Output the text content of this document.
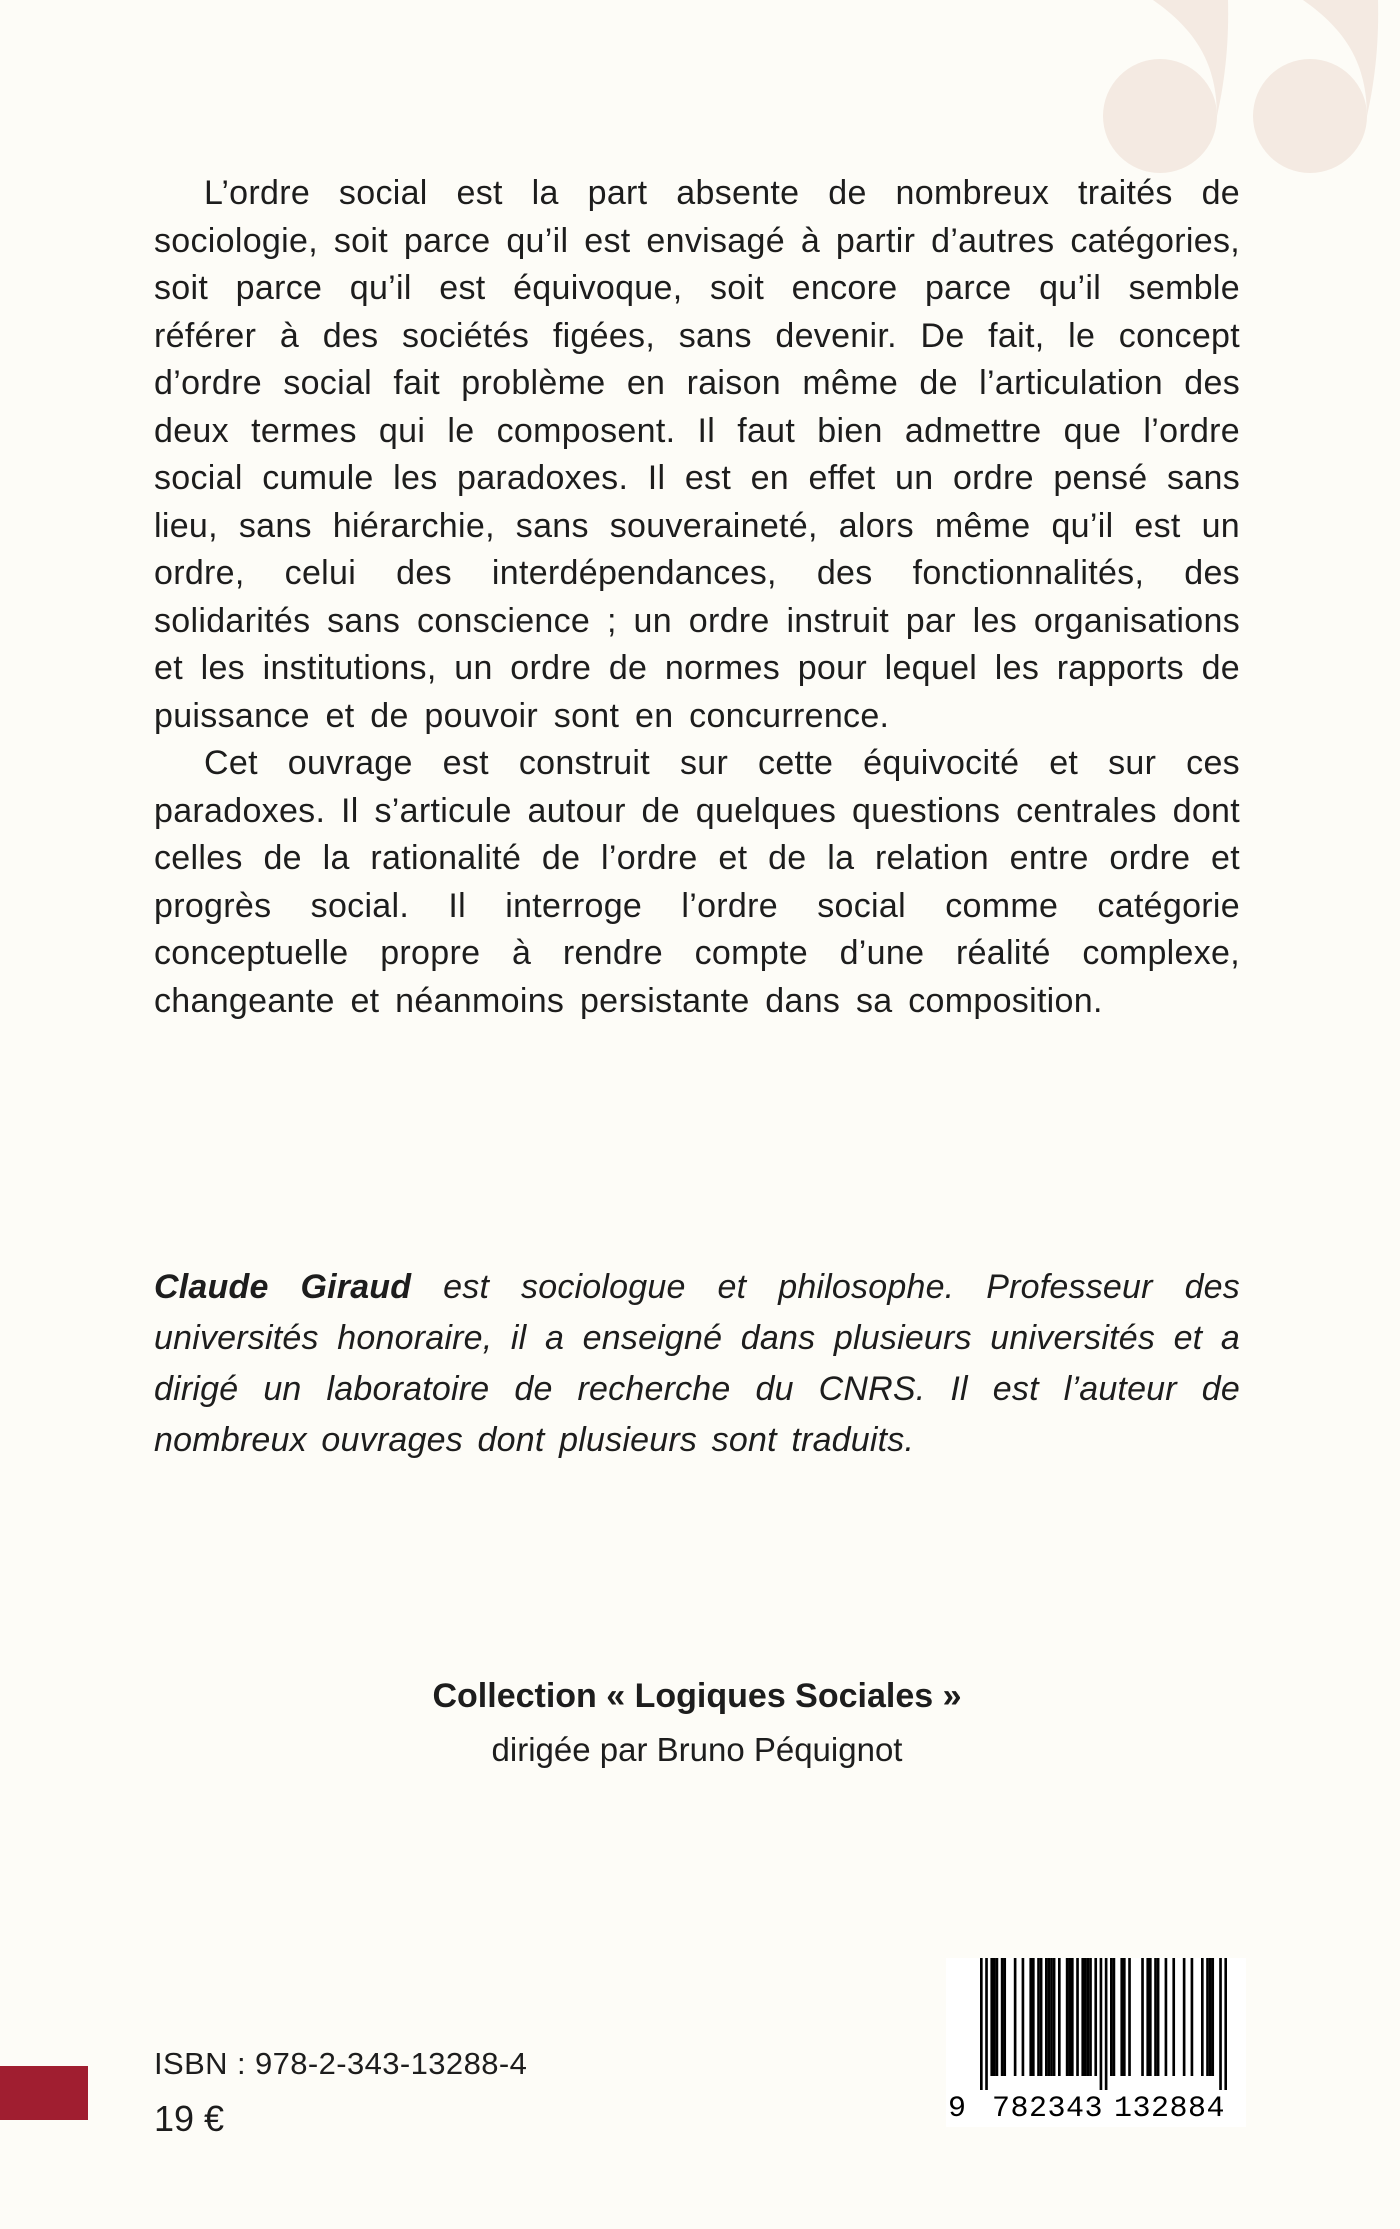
L’ordre social est la part absente de nombreux traités de sociologie, soit parce qu’il est envisagé à partir d’autres catégories, soit parce qu’il est équivoque, soit encore parce qu’il semble référer à des sociétés figées, sans devenir. De fait, le concept d’ordre social fait problème en raison même de l’articulation des deux termes qui le composent. Il faut bien admettre que l’ordre social cumule les paradoxes. Il est en effet un ordre pensé sans lieu, sans hiérarchie, sans souveraineté, alors même qu’il est un ordre, celui des interdépendances, des fonctionnalités, des solidarités sans conscience ; un ordre instruit par les organisations et les institutions, un ordre de normes pour lequel les rapports de puissance et de pouvoir sont en concurrence.

Cet ouvrage est construit sur cette équivocité et sur ces paradoxes. Il s’articule autour de quelques questions centrales dont celles de la rationalité de l’ordre et de la relation entre ordre et progrès social. Il interroge l’ordre social comme catégorie conceptuelle propre à rendre compte d’une réalité complexe, changeante et néanmoins persistante dans sa composition.

Claude Giraud est sociologue et philosophe. Professeur des universités honoraire, il a enseigné dans plusieurs universités et a dirigé un laboratoire de recherche du CNRS. Il est l’auteur de nombreux ouvrages dont plusieurs sont traduits.

Collection « Logiques Sociales »
dirigée par Bruno Péquignot
ISBN : 978-2-343-13288-4
19 €	9 782343 132884
